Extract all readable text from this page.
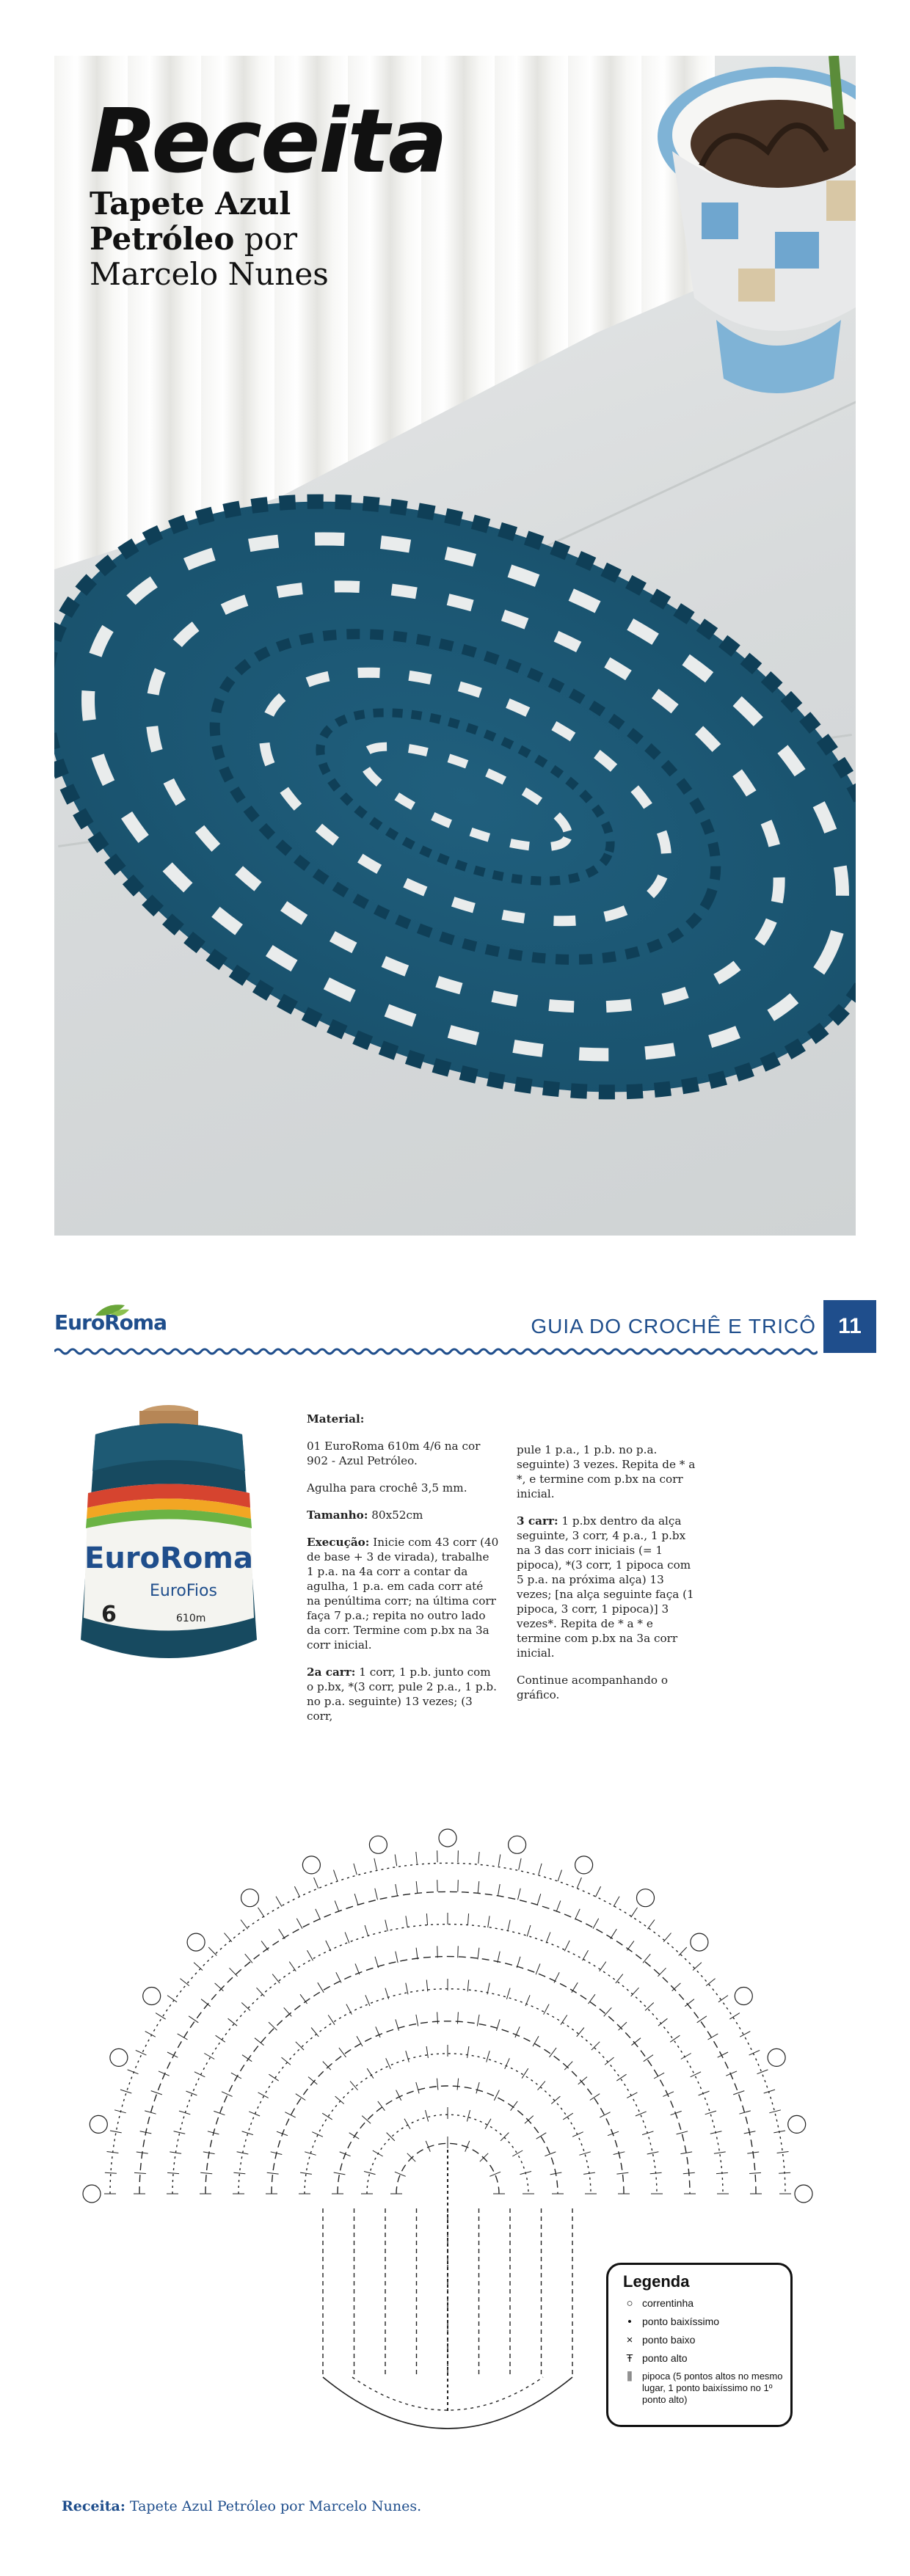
Receita
Tapete Azul
Petróleo por
Marcelo Nunes
EuroRoma	GUIA DO CROCHÊ E TRICÔ	11
EuroRoma
EuroFios
6	610m

Material:

01 EuroRoma 610m 4/6 na cor 902 - Azul Petróleo.

Agulha para crochê 3,5 mm.

Tamanho: 80x52cm

Execução: Inicie com 43 corr (40 de base + 3 de virada), trabalhe 1 p.a. na 4a corr a contar da agulha, 1 p.a. em cada corr até na penúltima corr; na última corr faça 7 p.a.; repita no outro lado da corr. Termine com p.bx na 3a corr inicial.

2a carr: 1 corr, 1 p.b. junto com o p.bx, *(3 corr, pule 2 p.a., 1 p.b. no p.a. seguinte) 13 vezes; (3 corr,

pule 1 p.a., 1 p.b. no p.a. seguinte) 3 vezes. Repita de * a *, e termine com p.bx na corr inicial.

3 carr: 1 p.bx dentro da alça seguinte, 3 corr, 4 p.a., 1 p.bx na 3 das corr iniciais (= 1 pipoca), *(3 corr, 1 pipoca com 5 p.a. na próxima alça) 13 vezes; [na alça seguinte faça (1 pipoca, 3 corr, 1 pipoca)] 3 vezes*. Repita de * a * e termine com p.bx na 3a corr inicial.

Continue acompanhando o gráfico.

Legenda
○ correntinha
•	ponto baixíssimo
× ponto baixo
Ŧ ponto alto
⫼	pipoca (5 pontos altos no mesmo lugar, 1 ponto baixíssimo no 1º ponto alto)
Receita: Tapete Azul Petróleo por Marcelo Nunes.
